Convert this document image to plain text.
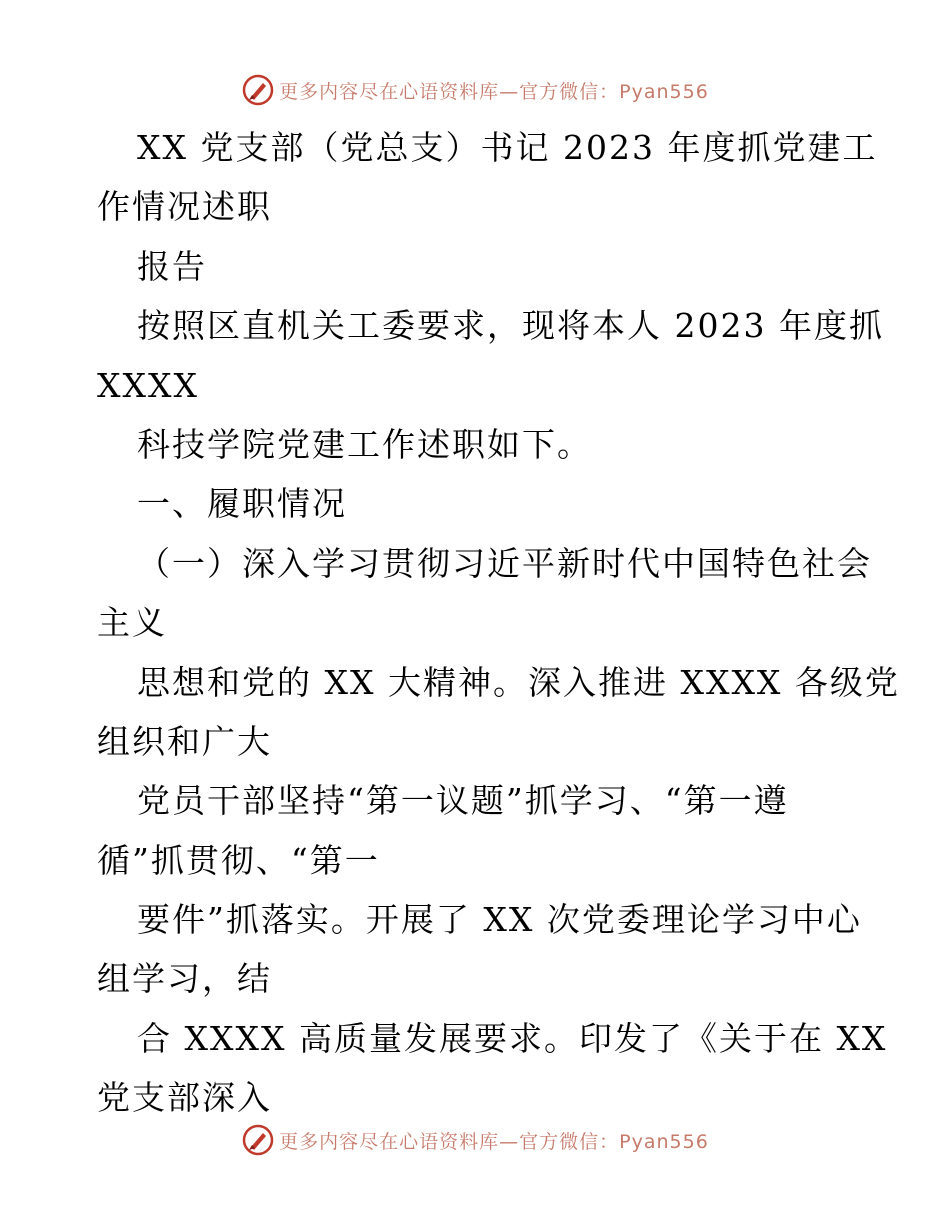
更多内容尽在心语资料库—官方微信：Pyan556
XX 党支部（党总支）书记 2023 年度抓党建工
作情况述职
报告
按照区直机关工委要求，现将本人 2023 年度抓
XXXX
科技学院党建工作述职如下。
一、履职情况
（一）深入学习贯彻习近平新时代中国特色社会
主义
思想和党的 XX 大精神。深入推进 XXXX 各级党
组织和广大
党员干部坚持“第一议题”抓学习、“第一遵
循”抓贯彻、“第一
要件”抓落实。开展了 XX 次党委理论学习中心
组学习，结
合 XXXX 高质量发展要求。印发了《关于在 XX
党支部深入
更多内容尽在心语资料库—官方微信：Pyan556
